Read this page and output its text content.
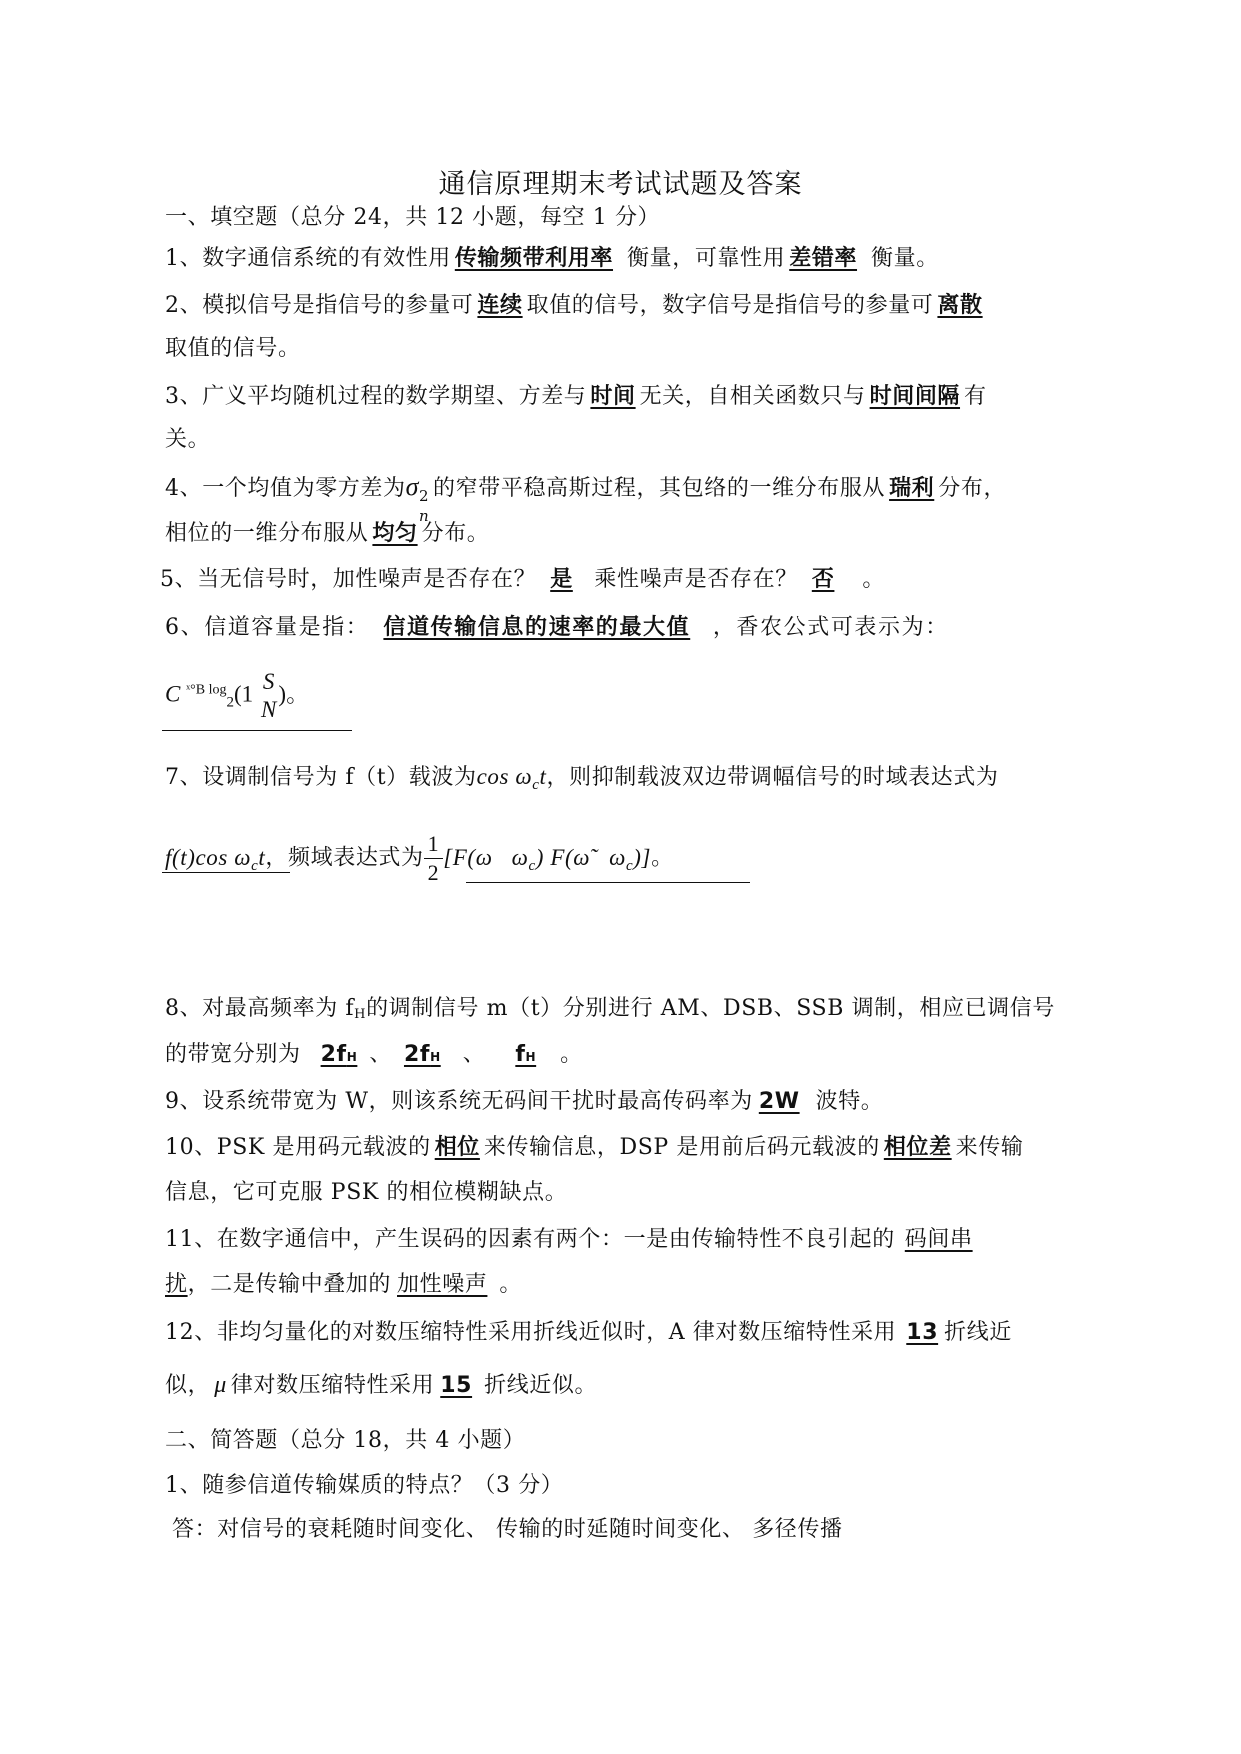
通信原理期末考试试题及答案
一、填空题（总分 24，共 12 小题，每空 1 分）
1、数字通信系统的有效性用 传输频带利用率 衡量，可靠性用 差错率 衡量。
2、模拟信号是指信号的参量可 连续 取值的信号，数字信号是指信号的参量可 离散
取值的信号。
3、广义平均随机过程的数学期望、方差与 时间 无关，自相关函数只与 时间间隔 有
关。
4、一个均值为零方差为σ 2
n
的窄带平稳高斯过程，其包络的一维分布服从 瑞利 分布，
相位的一维分布服从 均匀 分布。
5、当无信号时，加性噪声是否存在？ 是 乘性噪声是否存在？ 否 。
6、信道容量是指： 信道传输信息的速率的最大值 ，香农公式可表示为：
C $^{ˣ^\circ B log}_2$(1 S
N
)。
7、设调制信号为 f（t）载波为$\cos \omega_ct$，则抑制载波双边带调幅信号的时域表达式为
f(t)cos $\omega_ct$，频域表达式为 $\frac{1}{2} [F(\omega$ $\omega_c$) F(ω̃ $\omega_c$)]。
8、对最高频率为 fH的调制信号 m（t）分别进行 AM、DSB、SSB 调制，相应已调信号
的带宽分别为 2fH 、 2fH 、 fH 。
9、设系统带宽为 W，则该系统无码间干扰时最高传码率为 2W 波特。
10、PSK 是用码元载波的 相位 来传输信息，DSP 是用前后码元载波的 相位差 来传输
信息，它可克服 PSK 的相位模糊缺点。
11、在数字通信中，产生误码的因素有两个：一是由传输特性不良引起的 码间串
扰，二是传输中叠加的 加性噪声 。
12、非均匀量化的对数压缩特性采用折线近似时，A 律对数压缩特性采用 13 折线近
似， μ 律对数压缩特性采用 15 折线近似。
二、简答题（总分 18，共 4 小题）
1、随参信道传输媒质的特点？（3 分）
答：对信号的衰耗随时间变化、 传输的时延随时间变化、 多径传播
